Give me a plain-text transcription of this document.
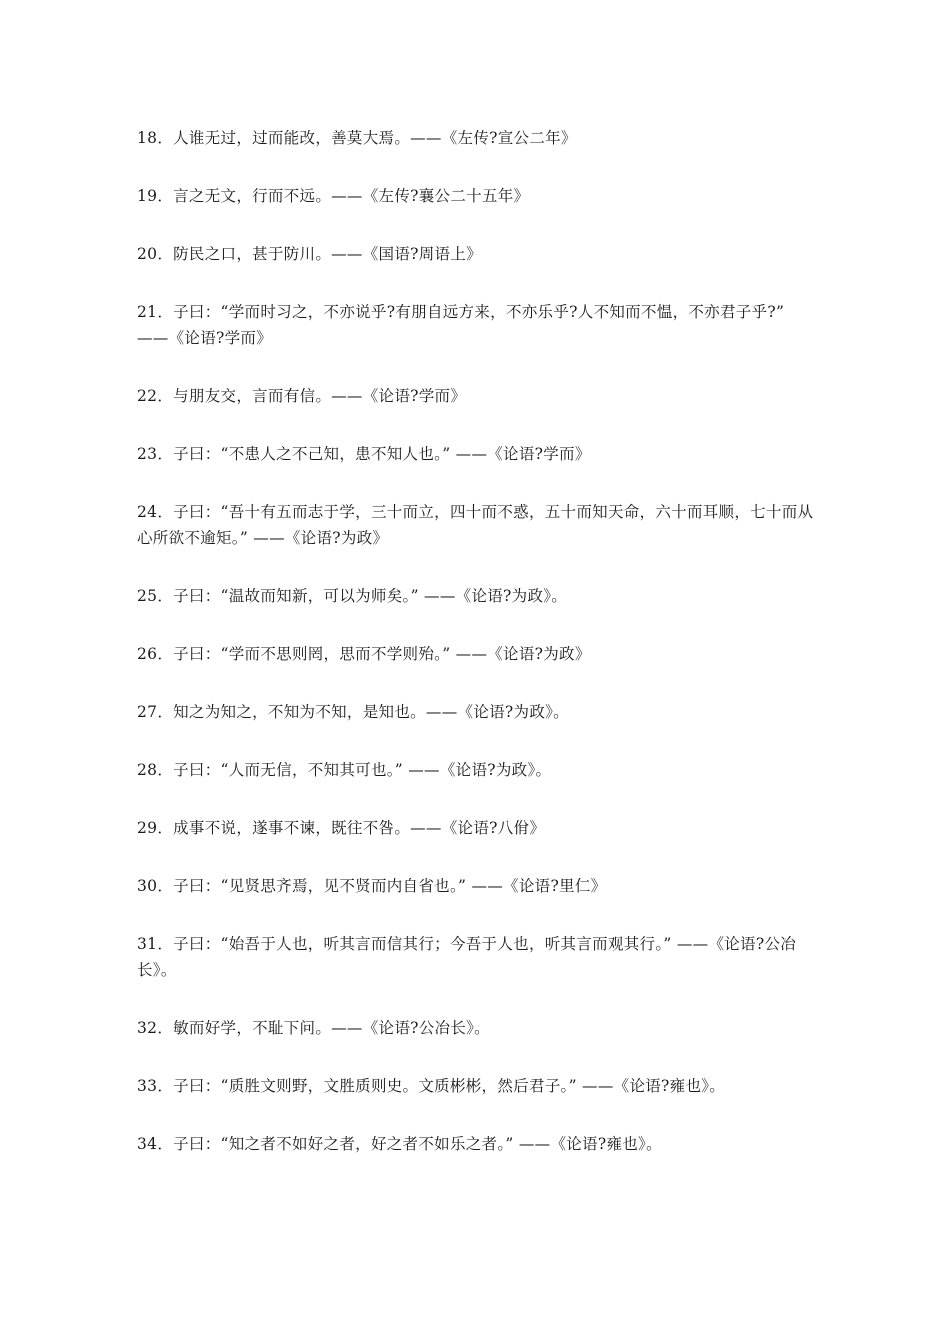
18．人谁无过，过而能改，善莫大焉。——《左传?宣公二年》
19．言之无文，行而不远。——《左传?襄公二十五年》
20．防民之口，甚于防川。——《国语?周语上》
21．子曰：“学而时习之，不亦说乎?有朋自远方来，不亦乐乎?人不知而不愠，不亦君子乎?” ——《论语?学而》
22．与朋友交，言而有信。——《论语?学而》
23．子曰：“不患人之不己知，患不知人也。” ——《论语?学而》
24．子曰：“吾十有五而志于学，三十而立，四十而不惑，五十而知天命，六十而耳顺，七十而从心所欲不逾矩。” ——《论语?为政》
25．子曰：“温故而知新，可以为师矣。” ——《论语?为政》。
26．子曰：“学而不思则罔，思而不学则殆。” ——《论语?为政》
27．知之为知之，不知为不知，是知也。——《论语?为政》。
28．子曰：“人而无信，不知其可也。” ——《论语?为政》。
29．成事不说，遂事不谏，既往不咎。——《论语?八佾》
30．子曰：“见贤思齐焉，见不贤而内自省也。” ——《论语?里仁》
31．子曰：“始吾于人也，听其言而信其行；今吾于人也，听其言而观其行。” ——《论语?公冶长》。
32．敏而好学，不耻下问。——《论语?公冶长》。
33．子曰：“质胜文则野，文胜质则史。文质彬彬，然后君子。” ——《论语?雍也》。
34．子曰：“知之者不如好之者，好之者不如乐之者。” ——《论语?雍也》。
